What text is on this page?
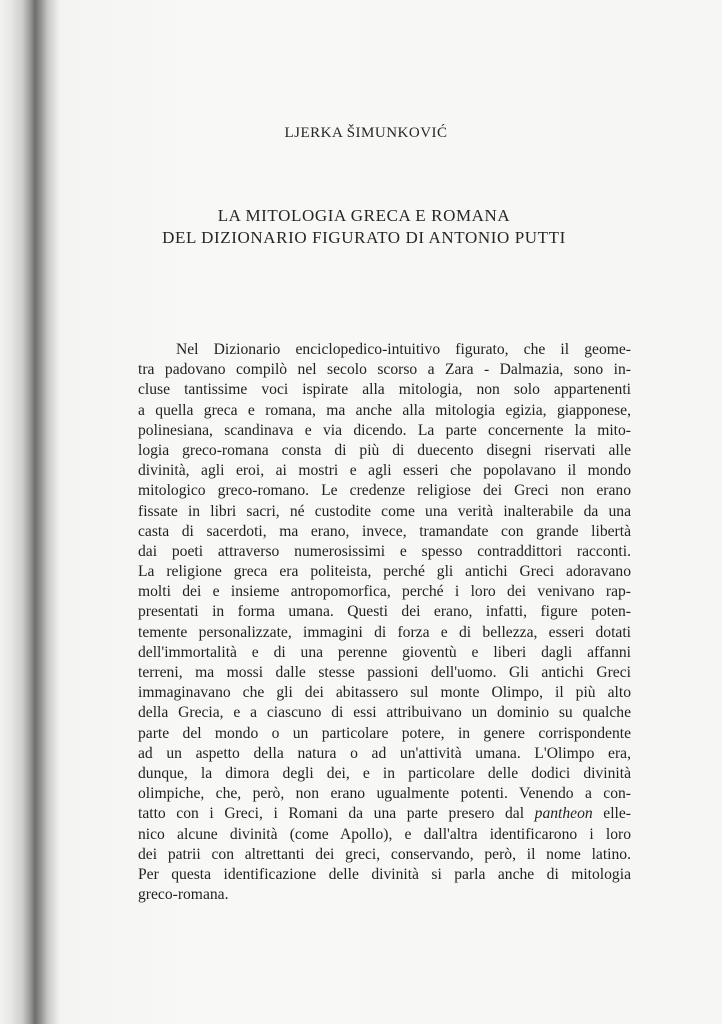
LJERKA ŠIMUNKOVIĆ
LA MITOLOGIA GRECA E ROMANA
DEL DIZIONARIO FIGURATO DI ANTONIO PUTTI
Nel Dizionario enciclopedico-intuitivo figurato, che il geome-
tra padovano compilò nel secolo scorso a Zara - Dalmazia, sono in-
cluse tantissime voci ispirate alla mitologia, non solo appartenenti
a quella greca e romana, ma anche alla mitologia egizia, giapponese,
polinesiana, scandinava e via dicendo. La parte concernente la mito-
logia greco-romana consta di più di duecento disegni riservati alle
divinità, agli eroi, ai mostri e agli esseri che popolavano il mondo
mitologico greco-romano. Le credenze religiose dei Greci non erano
fissate in libri sacri, né custodite come una verità inalterabile da una
casta di sacerdoti, ma erano, invece, tramandate con grande libertà
dai poeti attraverso numerosissimi e spesso contraddittori racconti.
La religione greca era politeista, perché gli antichi Greci adoravano
molti dei e insieme antropomorfica, perché i loro dei venivano rap-
presentati in forma umana. Questi dei erano, infatti, figure poten-
temente personalizzate, immagini di forza e di bellezza, esseri dotati
dell'immortalità e di una perenne gioventù e liberi dagli affanni
terreni, ma mossi dalle stesse passioni dell'uomo. Gli antichi Greci
immaginavano che gli dei abitassero sul monte Olimpo, il più alto
della Grecia, e a ciascuno di essi attribuivano un dominio su qualche
parte del mondo o un particolare potere, in genere corrispondente
ad un aspetto della natura o ad un'attività umana. L'Olimpo era,
dunque, la dimora degli dei, e in particolare delle dodici divinità
olimpiche, che, però, non erano ugualmente potenti. Venendo a con-
tatto con i Greci, i Romani da una parte presero dal pantheon elle-
nico alcune divinità (come Apollo), e dall'altra identificarono i loro
dei patrii con altrettanti dei greci, conservando, però, il nome latino.
Per questa identificazione delle divinità si parla anche di mitologia
greco-romana.
